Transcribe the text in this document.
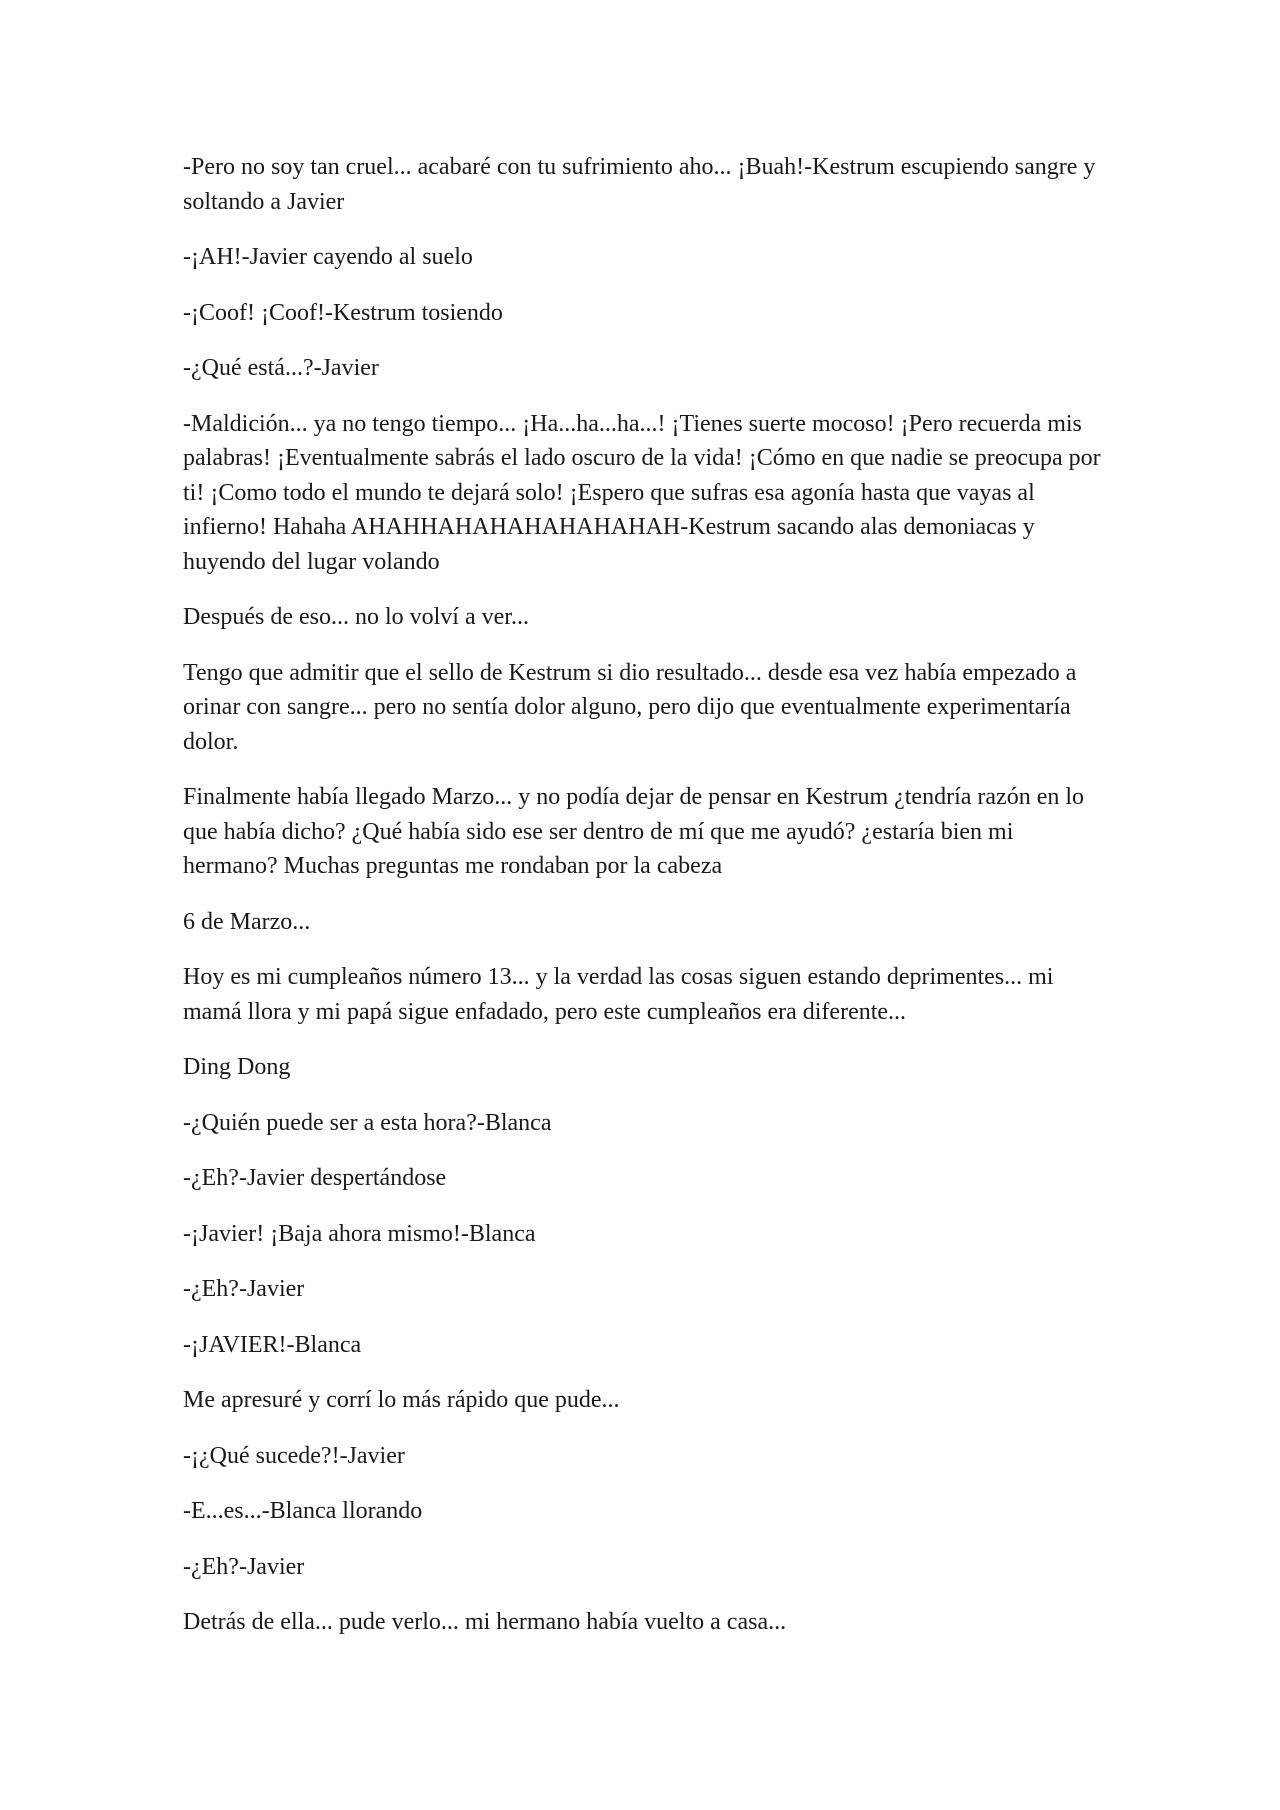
-Pero no soy tan cruel... acabaré con tu sufrimiento aho... ¡Buah!-Kestrum escupiendo sangre y soltando a Javier

-¡AH!-Javier cayendo al suelo

-¡Coof! ¡Coof!-Kestrum tosiendo

-¿Qué está...?-Javier

-Maldición... ya no tengo tiempo... ¡Ha...ha...ha...! ¡Tienes suerte mocoso! ¡Pero recuerda mis palabras! ¡Eventualmente sabrás el lado oscuro de la vida! ¡Cómo en que nadie se preocupa por ti! ¡Como todo el mundo te dejará solo! ¡Espero que sufras esa agonía hasta que vayas al infierno! Hahaha AHAHHAHAHAHAHAHAHAH-Kestrum sacando alas demoniacas y huyendo del lugar volando

Después de eso... no lo volví a ver...

Tengo que admitir que el sello de Kestrum si dio resultado... desde esa vez había empezado a orinar con sangre... pero no sentía dolor alguno, pero dijo que eventualmente experimentaría dolor.

Finalmente había llegado Marzo... y no podía dejar de pensar en Kestrum ¿tendría razón en lo que había dicho? ¿Qué había sido ese ser dentro de mí que me ayudó? ¿estaría bien mi hermano? Muchas preguntas me rondaban por la cabeza

6 de Marzo...

Hoy es mi cumpleaños número 13... y la verdad las cosas siguen estando deprimentes... mi mamá llora y mi papá sigue enfadado, pero este cumpleaños era diferente...

Ding Dong

-¿Quién puede ser a esta hora?-Blanca

-¿Eh?-Javier despertándose

-¡Javier! ¡Baja ahora mismo!-Blanca

-¿Eh?-Javier

-¡JAVIER!-Blanca

Me apresuré y corrí lo más rápido que pude...

-¡¿Qué sucede?!-Javier

-E...es...-Blanca llorando

-¿Eh?-Javier

Detrás de ella... pude verlo... mi hermano había vuelto a casa...
